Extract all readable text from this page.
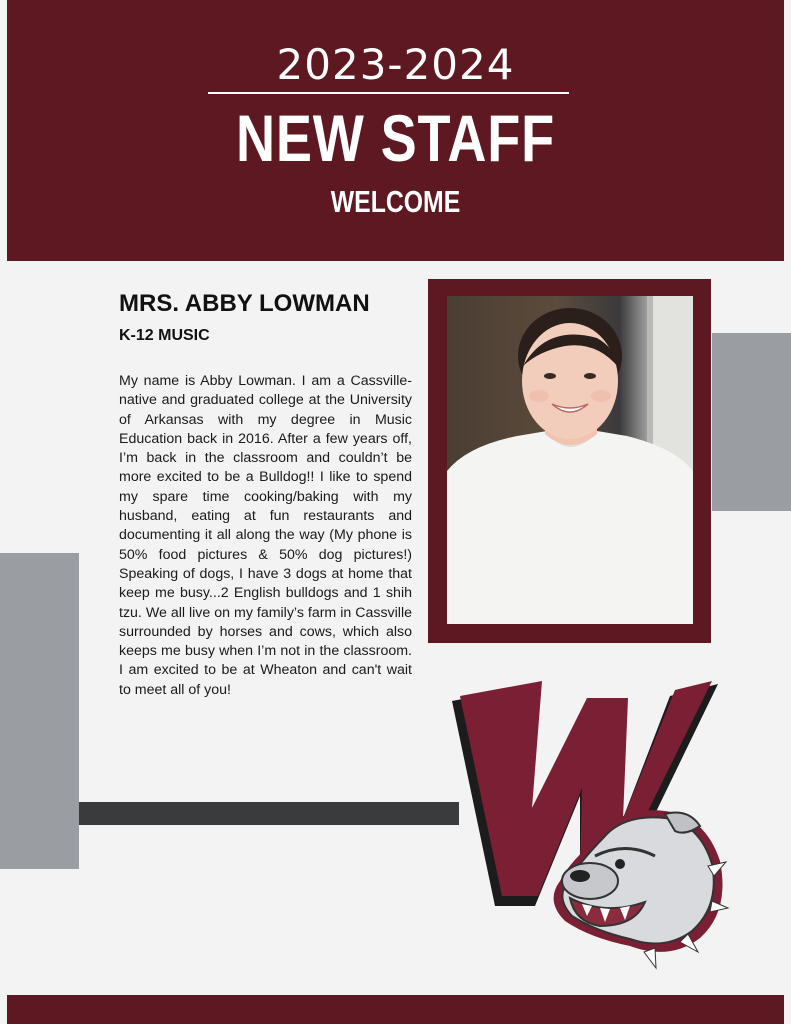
2023-2024
NEW STAFF
WELCOME
MRS. ABBY LOWMAN
K-12 MUSIC
My name is Abby Lowman. I am a Cassville-native and graduated college at the University of Arkansas with my degree in Music Education back in 2016. After a few years off, I’m back in the classroom and couldn’t be more excited to be a Bulldog!! I like to spend my spare time cooking/baking with my husband, eating at fun restaurants and documenting it all along the way (My phone is 50% food pictures & 50% dog pictures!) Speaking of dogs, I have 3 dogs at home that keep me busy...2 English bulldogs and 1 shih tzu. We all live on my family’s farm in Cassville surrounded by horses and cows, which also keeps me busy when I’m not in the classroom. I am excited to be at Wheaton and can't wait to meet all of you!
